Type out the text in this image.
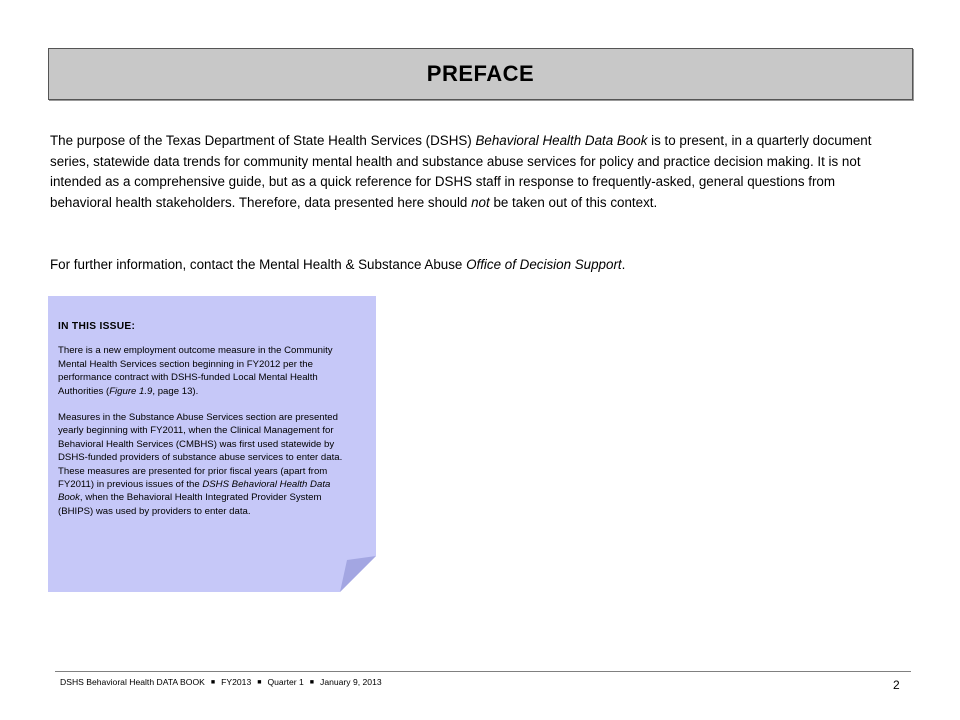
PREFACE

The purpose of the Texas Department of State Health Services (DSHS) Behavioral Health Data Book is to present, in a quarterly document series, statewide data trends for community mental health and substance abuse services for policy and practice decision making. It is not intended as a comprehensive guide, but as a quick reference for DSHS staff in response to frequently-asked, general questions from behavioral health stakeholders. Therefore, data presented here should not be taken out of this context.

For further information, contact the Mental Health & Substance Abuse Office of Decision Support.

IN THIS ISSUE:

There is a new employment outcome measure in the Community Mental Health Services section beginning in FY2012 per the performance contract with DSHS-funded Local Mental Health Authorities (Figure 1.9, page 13).

Measures in the Substance Abuse Services section are presented yearly beginning with FY2011, when the Clinical Management for Behavioral Health Services (CMBHS) was first used statewide by DSHS-funded providers of substance abuse services to enter data. These measures are presented for prior fiscal years (apart from FY2011) in previous issues of the DSHS Behavioral Health Data Book, when the Behavioral Health Integrated Provider System (BHIPS) was used by providers to enter data.

DSHS Behavioral Health DATA BOOK ■ FY2013 ■ Quarter 1 ■ January 9, 2013	2
